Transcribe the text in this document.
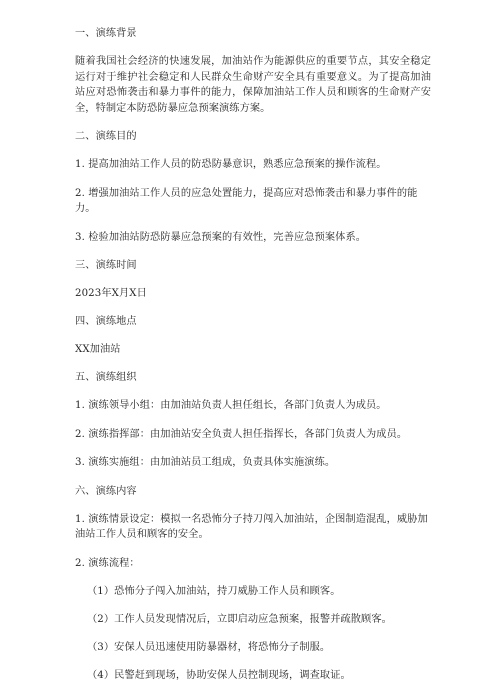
一、演练背景
随着我国社会经济的快速发展，加油站作为能源供应的重要节点，其安全稳定运行对于维护社会稳定和人民群众生命财产安全具有重要意义。为了提高加油站应对恐怖袭击和暴力事件的能力，保障加油站工作人员和顾客的生命财产安全，特制定本防恐防暴应急预案演练方案。
二、演练目的
1. 提高加油站工作人员的防恐防暴意识，熟悉应急预案的操作流程。
2. 增强加油站工作人员的应急处置能力，提高应对恐怖袭击和暴力事件的能力。
3. 检验加油站防恐防暴应急预案的有效性，完善应急预案体系。
三、演练时间
2023年X月X日
四、演练地点
XX加油站
五、演练组织
1. 演练领导小组：由加油站负责人担任组长，各部门负责人为成员。
2. 演练指挥部：由加油站安全负责人担任指挥长，各部门负责人为成员。
3. 演练实施组：由加油站员工组成，负责具体实施演练。
六、演练内容
1. 演练情景设定：模拟一名恐怖分子持刀闯入加油站，企图制造混乱，威胁加油站工作人员和顾客的安全。
2. 演练流程：
（1）恐怖分子闯入加油站，持刀威胁工作人员和顾客。
（2）工作人员发现情况后，立即启动应急预案，报警并疏散顾客。
（3）安保人员迅速使用防暴器材，将恐怖分子制服。
（4）民警赶到现场，协助安保人员控制现场，调查取证。
